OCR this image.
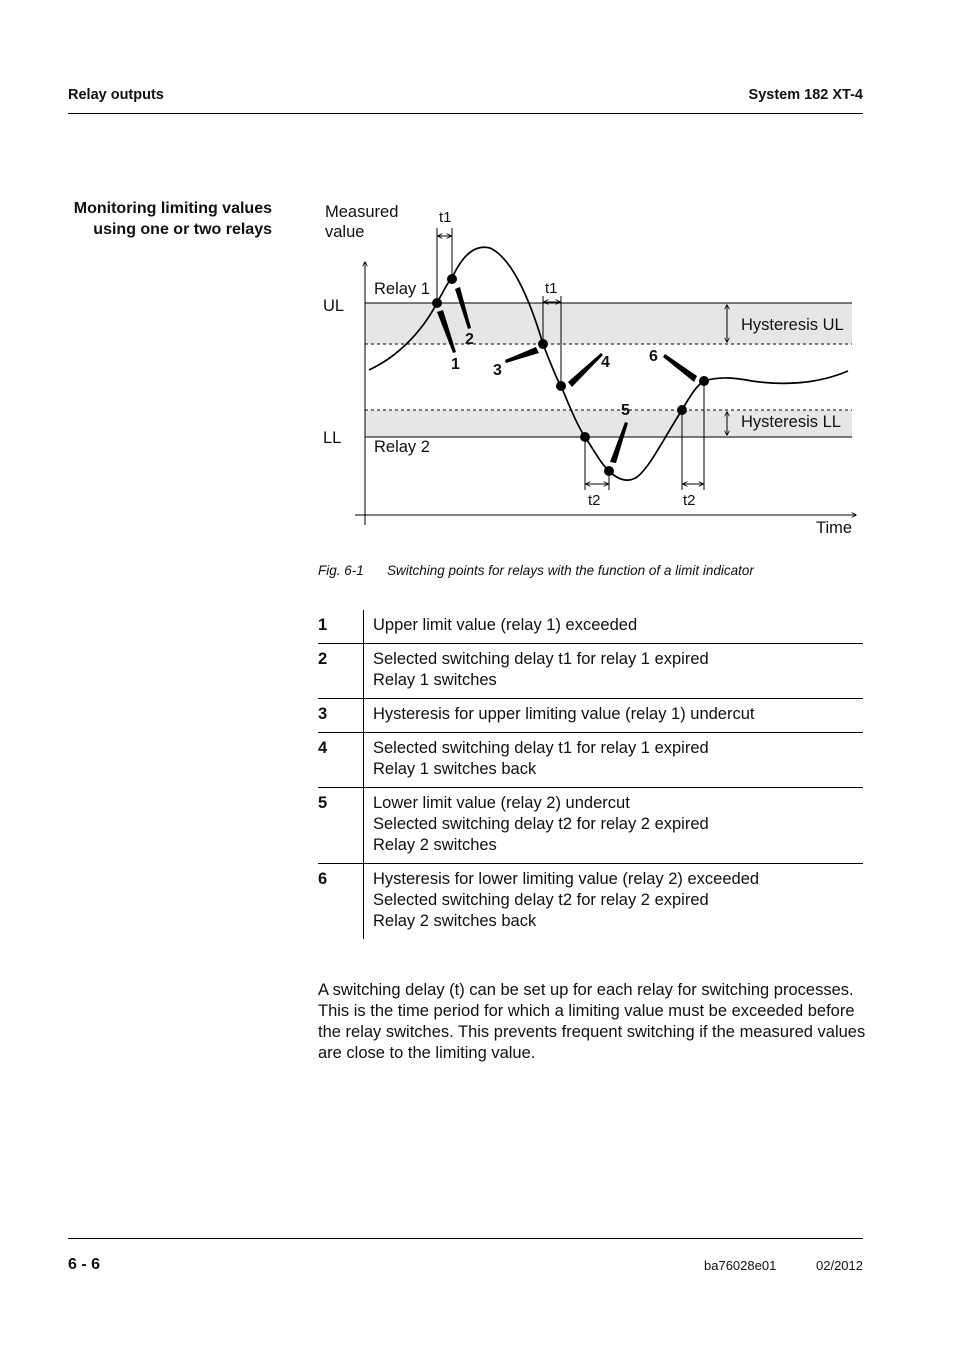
Relay outputs	System 182 XT-4
Monitoring limiting values using one or two relays
Measured
value
Time
UL
LL
Relay 1
Relay 2
Hysteresis UL
Hysteresis LL
t1
t1
t2	t2
1
2
3	4
5
6
Fig. 6-1 Switching points for relays with the function of a limit indicator
1	Upper limit value (relay 1) exceeded

2	Selected switching delay t1 for relay 1 expired
Relay 1 switches

3	Hysteresis for upper limiting value (relay 1) undercut

4	Selected switching delay t1 for relay 1 expired
Relay 1 switches back

5	Lower limit value (relay 2) undercut
Selected switching delay t2 for relay 2 expired
Relay 2 switches

6	Hysteresis for lower limiting value (relay 2) exceeded
Selected switching delay t2 for relay 2 expired
Relay 2 switches back

A switching delay (t) can be set up for each relay for switching processes. This is the time period for which a limiting value must be exceeded before the relay switches. This prevents frequent switching if the measured values are close to the limiting value.

6 - 6	ba76028e01	02/2012
